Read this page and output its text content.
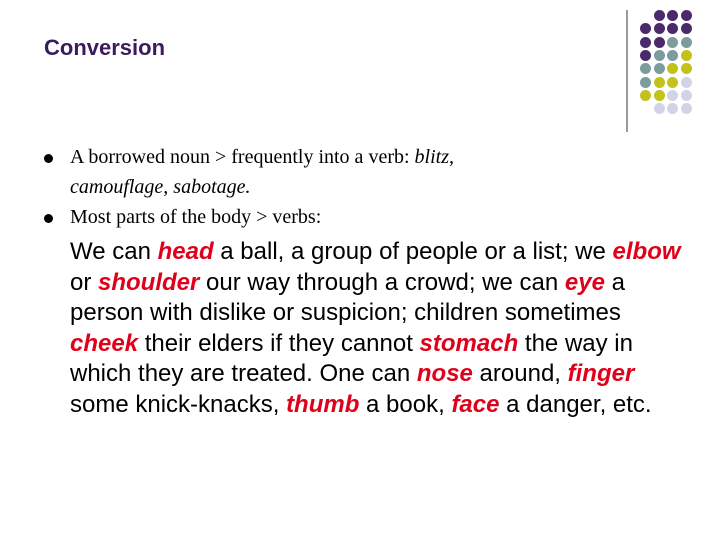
Conversion
A borrowed noun > frequently into a verb: blitz,
camouflage, sabotage.
Most parts of the body > verbs:
We can head a ball, a group of people or a list; we elbow or shoulder our way through a crowd; we can eye a person with dislike or suspicion; children sometimes cheek their elders if they cannot stomach the way in which they are treated. One can nose around, finger some knick-knacks, thumb a book, face a danger, etc.
